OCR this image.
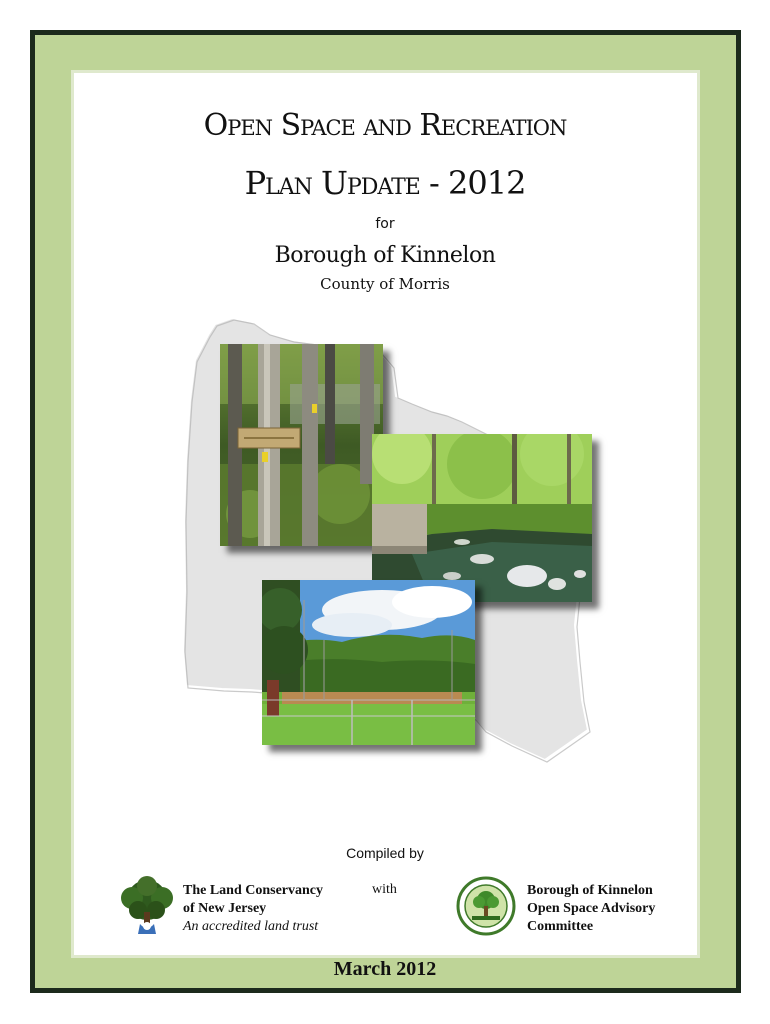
Open Space and Recreation
Plan Update - 2012
for
Borough of Kinnelon
County of Morris
Compiled by
The Land Conservancy
of New Jersey
An accredited land trust
with	Borough of Kinnelon
Open Space Advisory
Committee
March 2012
